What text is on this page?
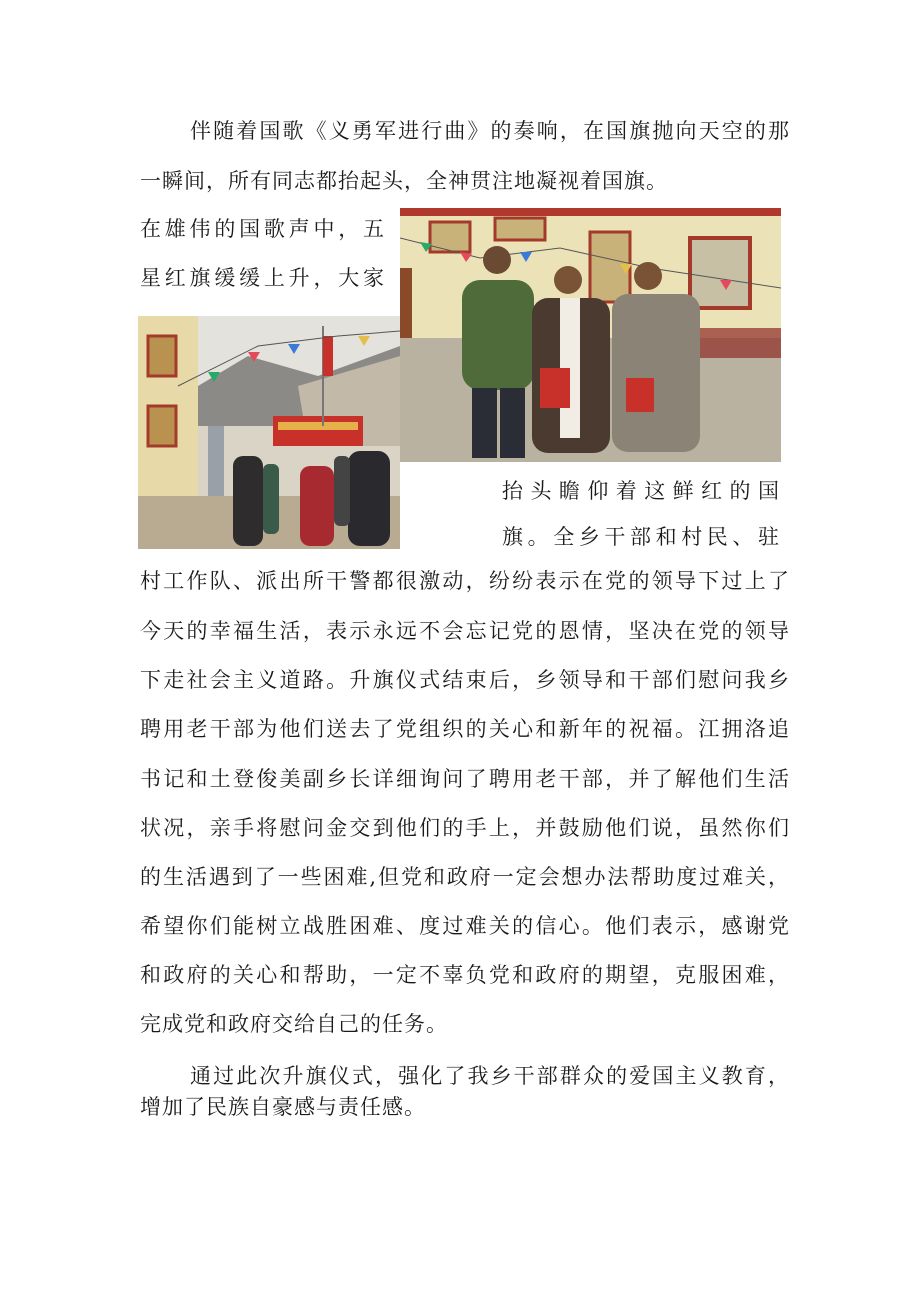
伴随着国歌《义勇军进行曲》的奏响，在国旗抛向天空的那
一瞬间，所有同志都抬起头，全神贯注地凝视着国旗。
在雄伟的国歌声中，五
星红旗缓缓上升，大家
抬头瞻仰着这鲜红的国
旗。全乡干部和村民、驻
村工作队、派出所干警都很激动，纷纷表示在党的领导下过上了
今天的幸福生活，表示永远不会忘记党的恩情，坚决在党的领导
下走社会主义道路。升旗仪式结束后，乡领导和干部们慰问我乡
聘用老干部为他们送去了党组织的关心和新年的祝福。江拥洛追
书记和土登俊美副乡长详细询问了聘用老干部，并了解他们生活
状况，亲手将慰问金交到他们的手上，并鼓励他们说，虽然你们
的生活遇到了一些困难,但党和政府一定会想办法帮助度过难关，
希望你们能树立战胜困难、度过难关的信心。他们表示，感谢党
和政府的关心和帮助，一定不辜负党和政府的期望，克服困难，
完成党和政府交给自己的任务。
通过此次升旗仪式，强化了我乡干部群众的爱国主义教育，
增加了民族自豪感与责任感。
